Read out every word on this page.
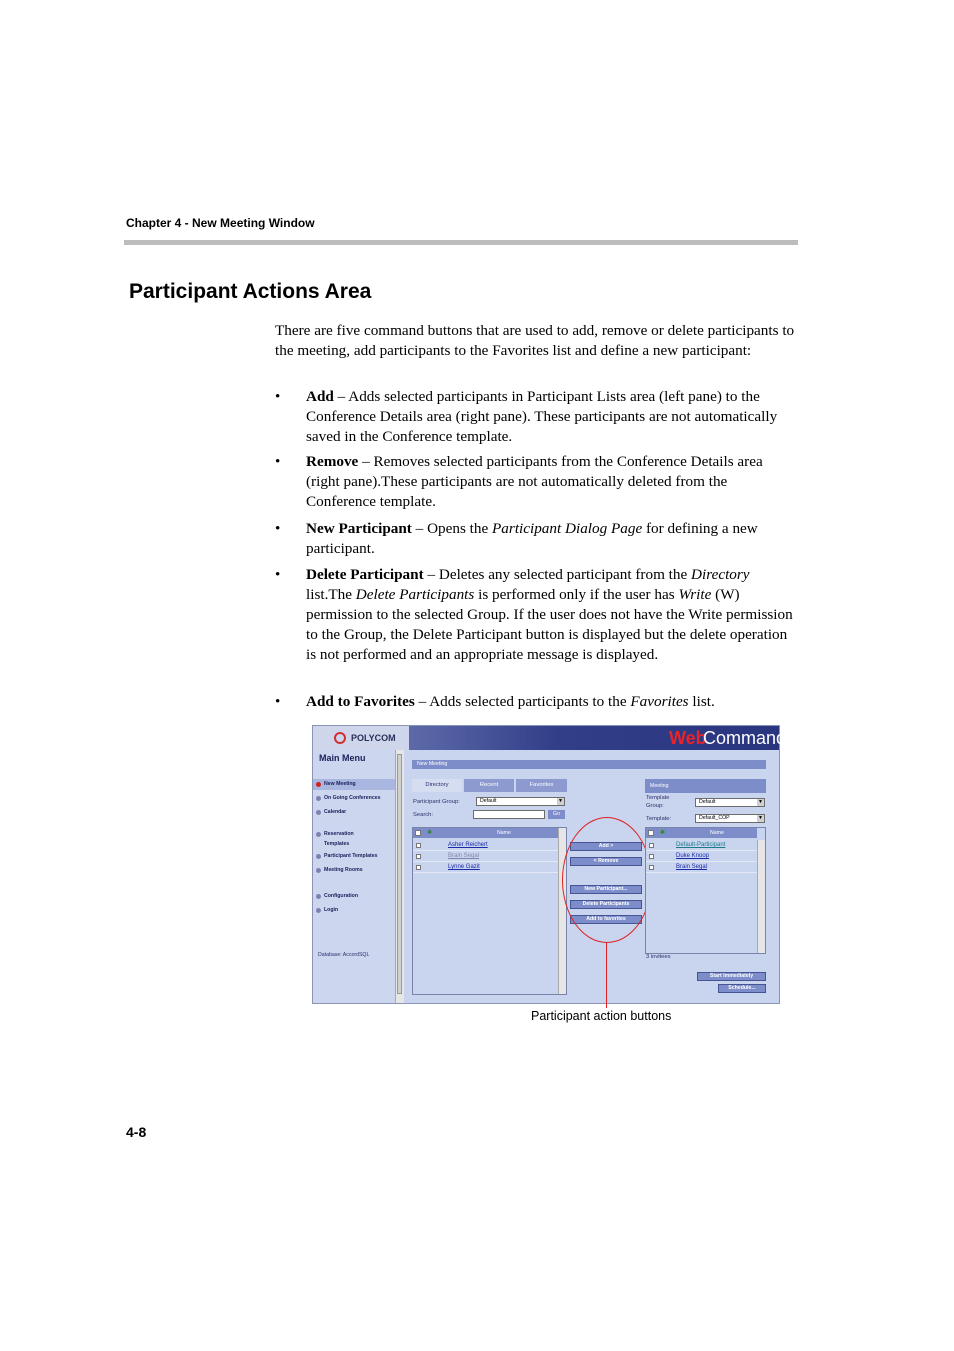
Chapter 4 - New Meeting Window
Participant Actions Area
There are five command buttons that are used to add, remove or delete participants to the meeting, add participants to the Favorites list and define a new participant:
• Add – Adds selected participants in Participant Lists area (left pane) to the Conference Details area (right pane). These participants are not automatically saved in the Conference template.
• Remove – Removes selected participants from the Conference Details area (right pane).These participants are not automatically deleted from the Conference template.
• New Participant – Opens the Participant Dialog Page for defining a new participant.
• Delete Participant – Deletes any selected participant from the Directory list.The Delete Participants is performed only if the user has Write (W) permission to the selected Group. If the user does not have the Write permission to the Group, the Delete Participant button is displayed but the delete operation is not performed and an appropriate message is displayed.
• Add to Favorites – Adds selected participants to the Favorites list.
POLYCOM	Web
Commander
Main Menu
New Meeting
On Going Conferences
Calendar
Reservation
Templates
Participant Templates
Meeting Rooms
Configuration
Login
Database: AccordSQL
New Meeting
Directory	Recent	Favorites
Participant Group:	Default	▼
Search:	Go
✱	Name
Asher Reichert
Brain Segal
Lynne Gazit
Add >
< Remove
New Participant...
Delete Participants
Add to favorites
Meeting
Template
Group:
Default	▼
Template:	Default_COP	▼
✱	Name
Default-Participant
Duke Knoop
Brain Segal
3 invitees
Start Immediately
Schedule...
Participant action buttons
4-8
